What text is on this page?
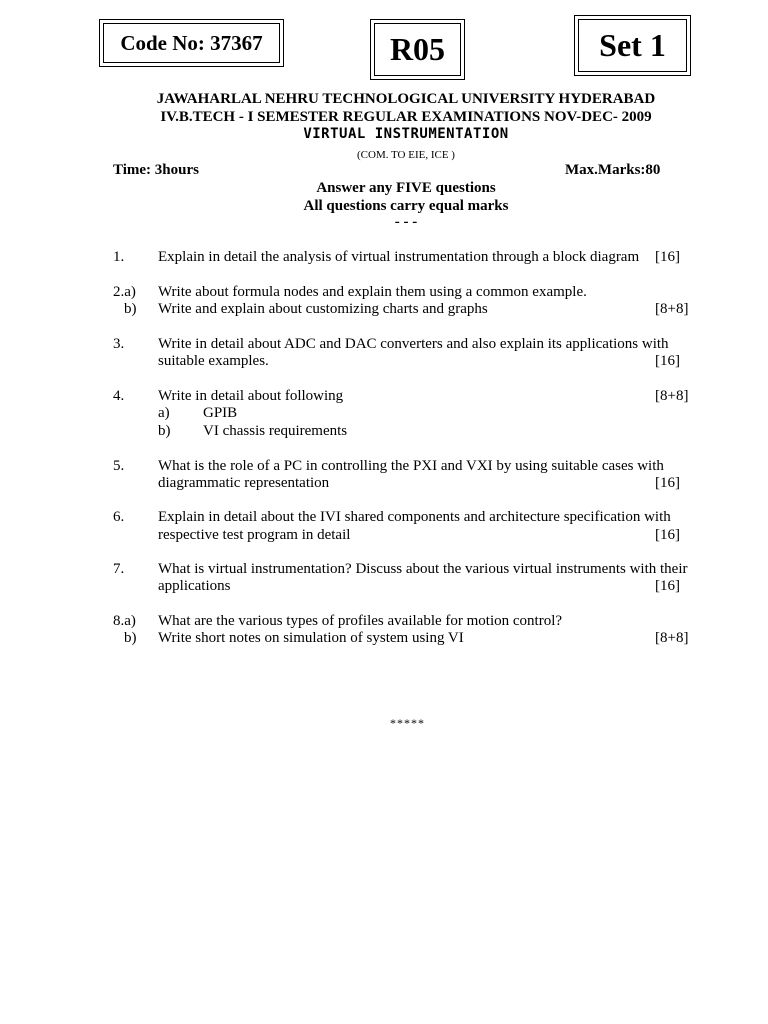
Code No: 37367	R05	Set 1
JAWAHARLAL NEHRU TECHNOLOGICAL UNIVERSITY HYDERABAD
IV.B.TECH - I SEMESTER REGULAR EXAMINATIONS NOV-DEC- 2009
VIRTUAL INSTRUMENTATION
(COM. TO EIE, ICE )
Time: 3hours	Max.Marks:80
Answer any FIVE questions
All questions carry equal marks
- - -
1. Explain in detail the analysis of virtual instrumentation through a block diagram [16]
2.a) Write about formula nodes and explain them using a common example.
b) Write and explain about customizing charts and graphs	[8+8]
3. Write in detail about ADC and DAC converters and also explain its applications with
suitable examples.	[16]
4. Write in detail about following	[8+8]
a) GPIB
b) VI chassis requirements
5. What is the role of a PC in controlling the PXI and VXI by using suitable cases with
diagrammatic representation	[16]
6. Explain in detail about the IVI shared components and architecture specification with
respective test program in detail	[16]
7. What is virtual instrumentation? Discuss about the various virtual instruments with their
applications	[16]
8.a) What are the various types of profiles available for motion control?
b) Write short notes on simulation of system using VI	[8+8]
*****
